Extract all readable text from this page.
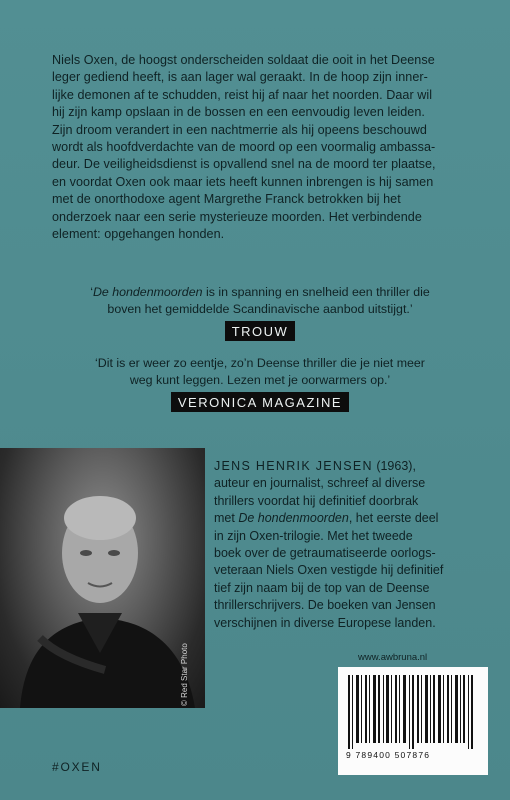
Niels Oxen, de hoogst onderscheiden soldaat die ooit in het Deense

leger gediend heeft, is aan lager wal geraakt. In de hoop zijn inner-

lijke demonen af te schudden, reist hij af naar het noorden. Daar wil

hij zijn kamp opslaan in de bossen en een eenvoudig leven leiden.

Zijn droom verandert in een nachtmerrie als hij opeens beschouwd

wordt als hoofdverdachte van de moord op een voormalig ambassa-

deur. De veiligheidsdienst is opvallend snel na de moord ter plaatse,

en voordat Oxen ook maar iets heeft kunnen inbrengen is hij samen

met de onorthodoxe agent Margrethe Franck betrokken bij het

onderzoek naar een serie mysterieuze moorden. Het verbindende

element: opgehangen honden.

‘De hondenmoorden is in spanning en snelheid een thriller die

boven het gemiddelde Scandinavische aanbod uitstijgt.’

TROUW

‘Dit is er weer zo eentje, zo’n Deense thriller die je niet meer

weg kunt leggen. Lezen met je oorwarmers op.’

VERONICA MAGAZINE
© Red Star Photo
JENS HENRIK JENSEN (1963),
auteur en journalist, schreef al diverse
thrillers voordat hij definitief doorbrak
met De hondenmoorden, het eerste deel
in zijn Oxen-trilogie. Met het tweede
boek over de getraumatiseerde oorlogs-
veteraan Niels Oxen vestigde hij definitief
tief zijn naam bij de top van de Deense
thrillerschrijvers. De boeken van Jensen
verschijnen in diverse Europese landen.
www.awbruna.nl
9 789400 507876
#OXEN
